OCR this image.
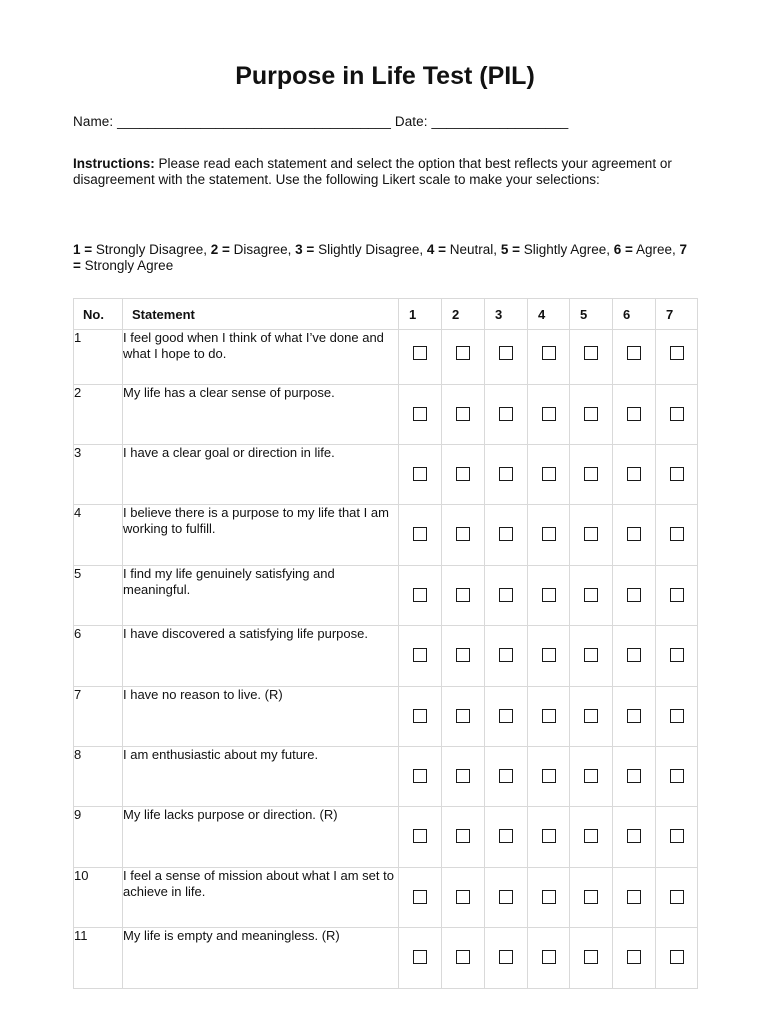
Purpose in Life Test (PIL)
Name: ____________________________________ Date: __________________
Instructions: Please read each statement and select the option that best reflects your agreement or disagreement with the statement. Use the following Likert scale to make your selections:
1 = Strongly Disagree, 2 = Disagree, 3 = Slightly Disagree, 4 = Neutral, 5 = Slightly Agree, 6 = Agree, 7 = Strongly Agree
No.	Statement	1	2	3	4	5	6	7
1	I feel good when I think of what I’ve done and what I hope to do.							
2	My life has a clear sense of purpose.							
3	I have a clear goal or direction in life.							
4	I believe there is a purpose to my life that I am working to fulfill.							
5	I find my life genuinely satisfying and meaningful.							
6	I have discovered a satisfying life purpose.							
7	I have no reason to live. (R)							
8	I am enthusiastic about my future.							
9	My life lacks purpose or direction. (R)							
10	I feel a sense of mission about what I am set to achieve in life.							
11	My life is empty and meaningless. (R)							
